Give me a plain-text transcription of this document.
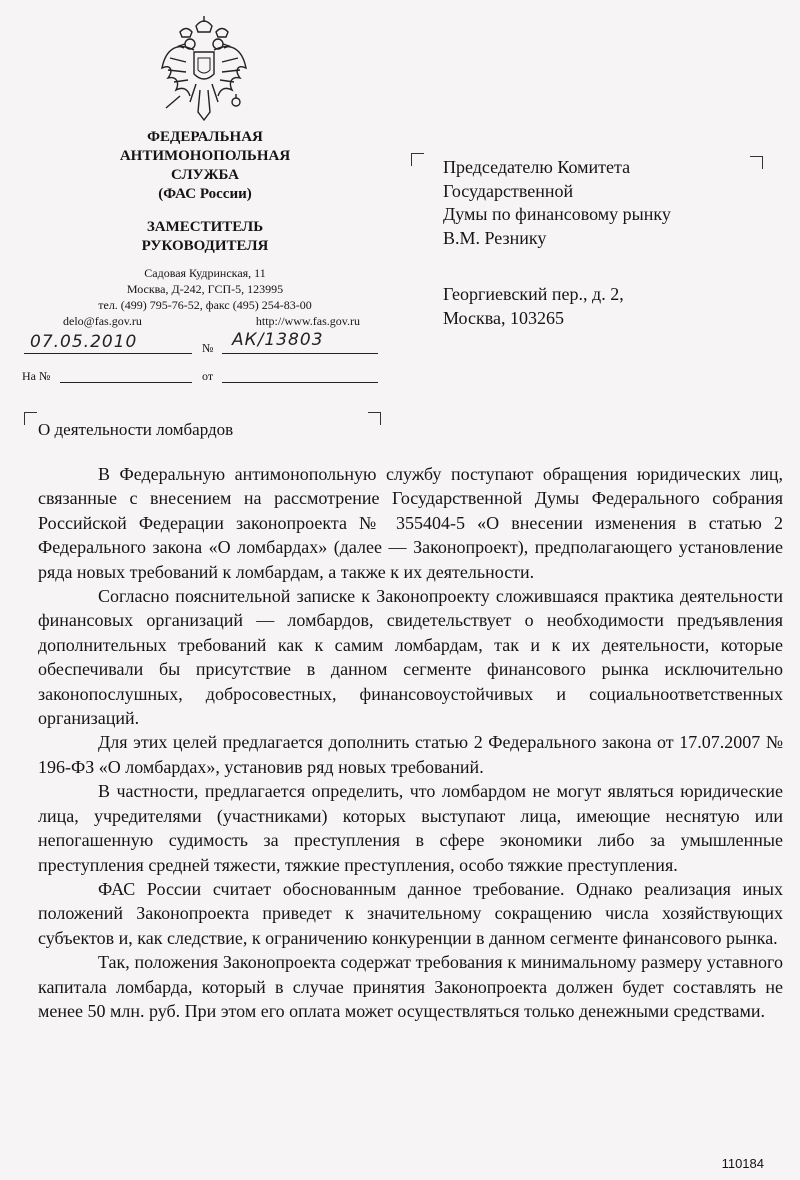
ФЕДЕРАЛЬНАЯ
АНТИМОНОПОЛЬНАЯ
СЛУЖБА
(ФАС России)
ЗАМЕСТИТЕЛЬ
РУКОВОДИТЕЛЯ
Садовая Кудринская, 11
Москва, Д-242, ГСП-5, 123995
тел. (499) 795-76-52, факс (495) 254-83-00
delo@fas.gov.ru	http://www.fas.gov.ru
07.05.2010	№ АК/13803
На №	от
Председателю Комитета
Государственной
Думы по финансовому рынку
В.М. Резнику
Георгиевский пер., д. 2,
Москва, 103265
О деятельности ломбардов

В Федеральную антимонопольную службу поступают обращения юридических лиц, связанные с внесением на рассмотрение Государственной Думы Федерального собрания Российской Федерации законопроекта № 355404-5 «О внесении изменения в статью 2 Федерального закона «О ломбардах» (далее — Законопроект), предполагающего установление ряда новых требований к ломбардам, а также к их деятельности.

Согласно пояснительной записке к Законопроекту сложившаяся практика деятельности финансовых организаций — ломбардов, свидетельствует о необходимости предъявления дополнительных требований как к самим ломбардам, так и к их деятельности, которые обеспечивали бы присутствие в данном сегменте финансового рынка исключительно законопослушных, добросовестных, финансовоустойчивых и социальноответственных организаций.

Для этих целей предлагается дополнить статью 2 Федерального закона от 17.07.2007 № 196-ФЗ «О ломбардах», установив ряд новых требований.

В частности, предлагается определить, что ломбардом не могут являться юридические лица, учредителями (участниками) которых выступают лица, имеющие неснятую или непогашенную судимость за преступления в сфере экономики либо за умышленные преступления средней тяжести, тяжкие преступления, особо тяжкие преступления.

ФАС России считает обоснованным данное требование. Однако реализация иных положений Законопроекта приведет к значительному сокращению числа хозяйствующих субъектов и, как следствие, к ограничению конкуренции в данном сегменте финансового рынка.

Так, положения Законопроекта содержат требования к минимальному размеру уставного капитала ломбарда, который в случае принятия Законопроекта должен будет составлять не менее 50 млн. руб. При этом его оплата может осуществляться только денежными средствами.

110184
